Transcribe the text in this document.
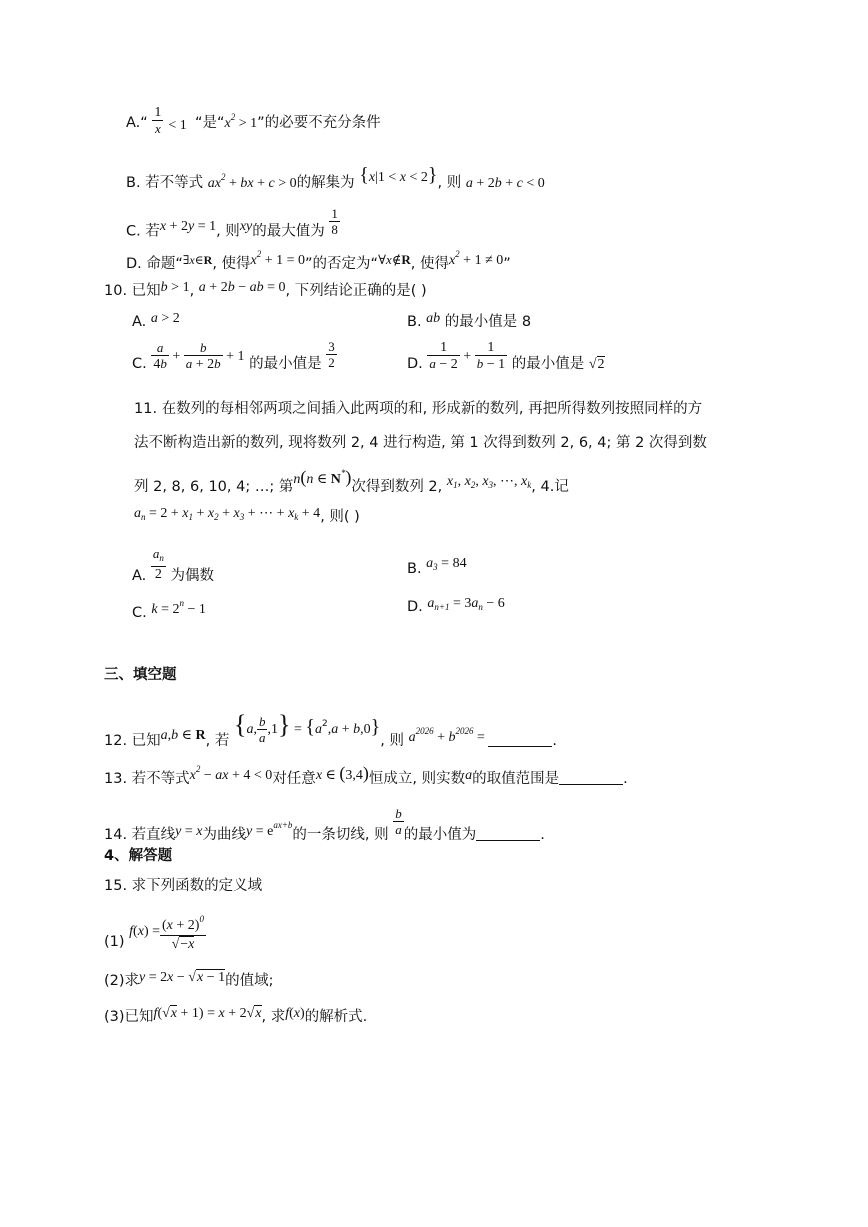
A.“ $\frac{1}{x} < 1$ “是“$x^2 > 1$”的必要不充分条件
B. 若不等式 $ax^2$ + bx + c > 0的解集为 {x|1 < x < 2}, 则 a + 2b + c < 0
C. 若x + 2y = 1, 则xy的最大值为 $\frac{1}{8}$
D. 命题“$^{\exists x\in R}$, 使得$x^2 + 1 = 0$”的否定为“∀x∉R, 使得$x^2 + 1 \ne 0$”
10. 已知b > 1, a + 2b − ab = 0, 下列结论正确的是( )
A. a > 2	B. ab 的最小值是 8
C. $\frac{a}{4b} + \frac{b}{a + 2b} + 1$ 的最小值是 $\frac{3}{2}$	D. $\frac{1}{a - 2} + \frac{1}{b - 1}$ 的最小值是 √2
11. 在数列的每相邻两项之间插入此两项的和, 形成新的数列, 再把所得数列按照同样的方
法不断构造出新的数列, 现将数列 2, 4 进行构造, 第 1 次得到数列 2, 6, 4; 第 2 次得到数
列 2, 8, 6, 10, 4; …; 第n(n ∈ N*)次得到数列 2, $x_1$, $x_2$, $x_3$, ⋯, $x_k$, 4.记
$a_n = 2 + x_1 + x_2 + x_3$ + ⋯ + $x_k + 4$, 则( )
A. $\frac{a_n}{2}$ 为偶数	B. $a_3 = 84$
C. $k = 2^n - 1$	D. $a_{n+1} = 3a_n - 6$
三、填空题
12. 已知a,b ∈ R, 若 {a, $\frac{b}{a} ,1\} = \{a^2,a + b,0\}$, 则 $a^{2026} + b^{2026}$ =	.
13. 若不等式$x^2$ − ax + 4 < 0对任意x ∈ (3,4)恒成立, 则实数a的取值范围是	.
14. 若直线y = x为曲线$y = e^{ax+b}$的一条切线, 则 $\frac{b}{a}$ 的最小值为	.
4、解答题
15. 求下列函数的定义域
(1) $f(x) = \frac{(x + 2)^0}{√-x}$
(2)求y = 2x − √x − 1的值域;
(3)已知f(√x + 1) = x + 2√x, 求f(x)的解析式.
